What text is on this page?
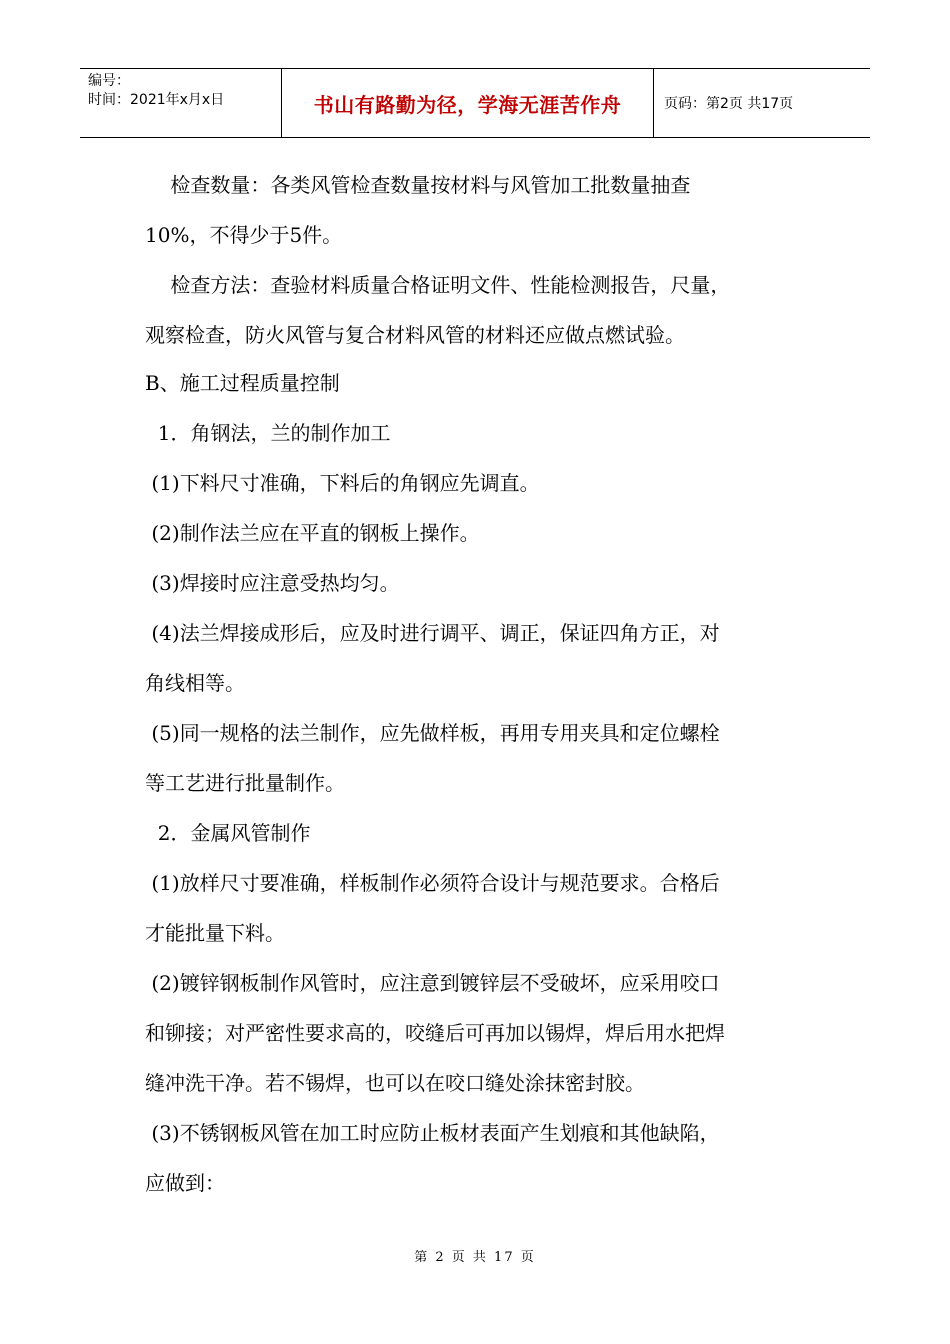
编号：
时间：2021年x月x日	书山有路勤为径，学海无涯苦作舟	页码：第2页 共17页
检查数量：各类风管检查数量按材料与风管加工批数量抽查
10%，不得少于5件。
检查方法：查验材料质量合格证明文件、性能检测报告，尺量，
观察检查，防火风管与复合材料风管的材料还应做点燃试验。
B、施工过程质量控制
1．角钢法，兰的制作加工
(1)下料尺寸准确，下料后的角钢应先调直。
(2)制作法兰应在平直的钢板上操作。
(3)焊接时应注意受热均匀。
(4)法兰焊接成形后，应及时进行调平、调正，保证四角方正，对
角线相等。
(5)同一规格的法兰制作，应先做样板，再用专用夹具和定位螺栓
等工艺进行批量制作。
2．金属风管制作
(1)放样尺寸要准确，样板制作必须符合设计与规范要求。合格后
才能批量下料。
(2)镀锌钢板制作风管时，应注意到镀锌层不受破坏，应采用咬口
和铆接；对严密性要求高的，咬缝后可再加以锡焊，焊后用水把焊
缝冲洗干净。若不锡焊，也可以在咬口缝处涂抹密封胶。
(3)不锈钢板风管在加工时应防止板材表面产生划痕和其他缺陷，
应做到：
第 2 页 共 17 页
